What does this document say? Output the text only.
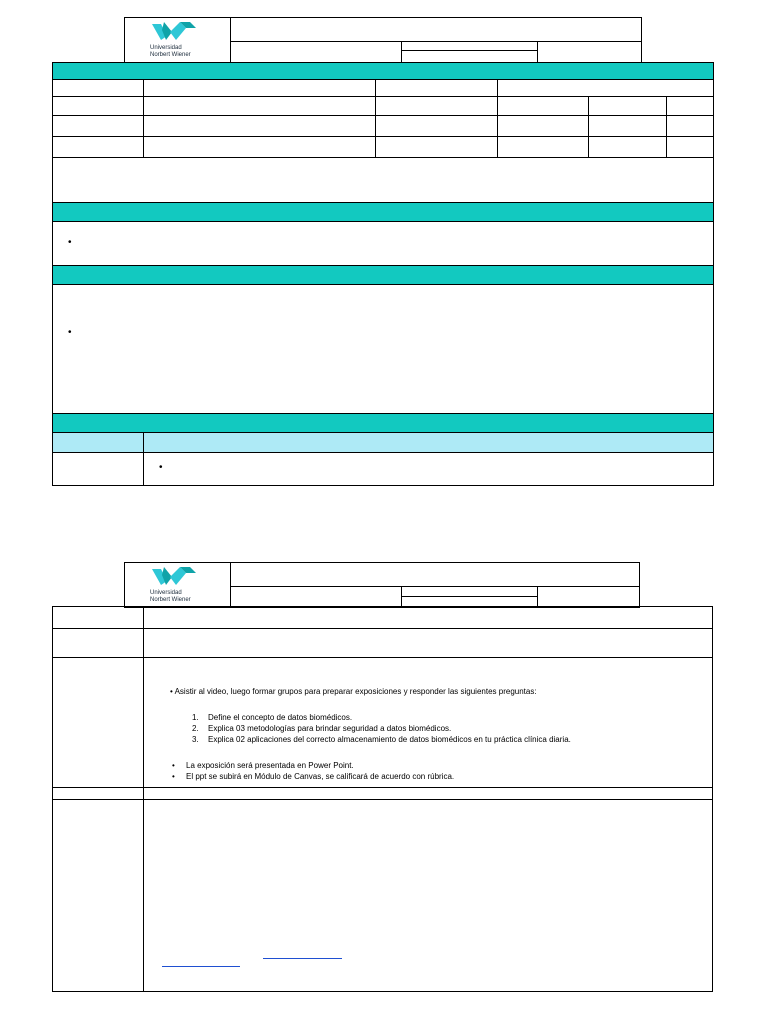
Universidad
Norbert Wiener
•
•
•
Universidad
Norbert Wiener
• Asistir al video, luego formar grupos para preparar exposiciones y responder las siguientes preguntas:
1. Define el concepto de datos biomédicos.
2. Explica 03 metodologías para brindar seguridad a datos biomédicos.
3. Explica 02 aplicaciones del correcto almacenamiento de datos biomédicos en tu práctica clínica diaria.
• La exposición será presentada en Power Point.
• El ppt se subirá en Módulo de Canvas, se calificará de acuerdo con rúbrica.
